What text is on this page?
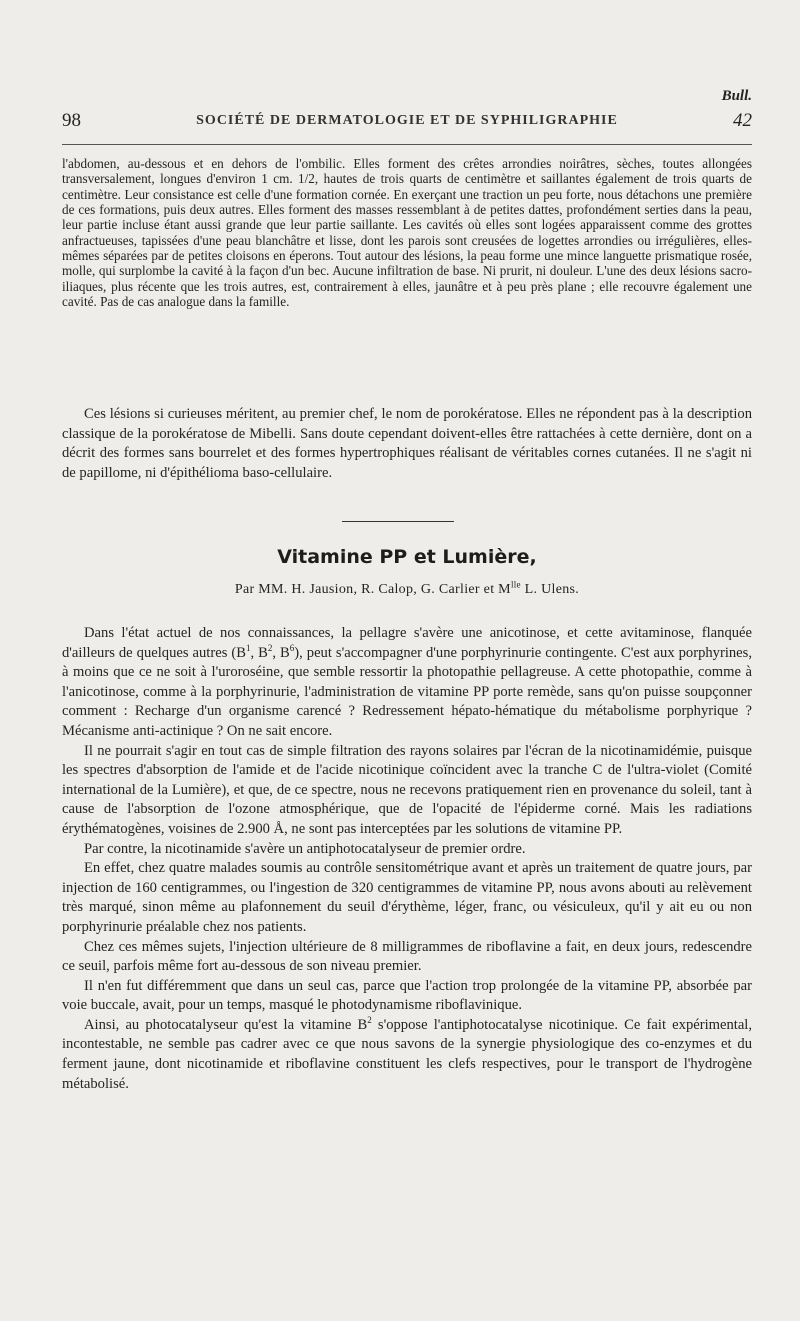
Bull.
98	SOCIÉTÉ DE DERMATOLOGIE ET DE SYPHILIGRAPHIE	42

l'abdomen, au-dessous et en dehors de l'ombilic. Elles forment des crêtes arrondies noirâtres, sèches, toutes allongées transversalement, longues d'environ 1 cm. 1/2, hautes de trois quarts de centimètre et saillantes également de trois quarts de centimètre. Leur consistance est celle d'une formation cornée. En exerçant une traction un peu forte, nous détachons une première de ces formations, puis deux autres. Elles forment des masses ressemblant à de petites dattes, profondément serties dans la peau, leur partie incluse étant aussi grande que leur partie saillante. Les cavités où elles sont logées apparaissent comme des grottes anfractueuses, tapissées d'une peau blanchâtre et lisse, dont les parois sont creusées de logettes arrondies ou irrégulières, elles-mêmes séparées par de petites cloisons en éperons. Tout autour des lésions, la peau forme une mince languette prismatique rosée, molle, qui surplombe la cavité à la façon d'un bec. Aucune infiltration de base. Ni prurit, ni douleur. L'une des deux lésions sacro-iliaques, plus récente que les trois autres, est, contrairement à elles, jaunâtre et à peu près plane ; elle recouvre également une cavité. Pas de cas analogue dans la famille.

Ces lésions si curieuses méritent, au premier chef, le nom de porokératose. Elles ne répondent pas à la description classique de la porokératose de Mibelli. Sans doute cependant doivent-elles être rattachées à cette dernière, dont on a décrit des formes sans bourrelet et des formes hypertrophiques réalisant de véritables cornes cutanées. Il ne s'agit ni de papillome, ni d'épithélioma baso-cellulaire.

Vitamine PP et Lumière,
Par MM. H. Jausion, R. Calop, G. Carlier et $M^{lle}$ L. Ulens.

Dans l'état actuel de nos connaissances, la pellagre s'avère une anicotinose, et cette avitaminose, flanquée d'ailleurs de quelques autres ($B^1$, $B^2$, $B^6$), peut s'accompagner d'une porphyrinurie contingente. C'est aux porphyrines, à moins que ce ne soit à l'uroroséine, que semble ressortir la photopathie pellagreuse. A cette photopathie, comme à l'anicotinose, comme à la porphyrinurie, l'administration de vitamine PP porte remède, sans qu'on puisse soupçonner comment : Recharge d'un organisme carencé ? Redressement hépato-hématique du métabolisme porphyrique ? Mécanisme anti-actinique ? On ne sait encore.

Il ne pourrait s'agir en tout cas de simple filtration des rayons solaires par l'écran de la nicotinamidémie, puisque les spectres d'absorption de l'amide et de l'acide nicotinique coïncident avec la tranche C de l'ultra-violet (Comité international de la Lumière), et que, de ce spectre, nous ne recevons pratiquement rien en provenance du soleil, tant à cause de l'absorption de l'ozone atmosphérique, que de l'opacité de l'épiderme corné. Mais les radiations érythématogènes, voisines de 2.900 Å, ne sont pas interceptées par les solutions de vitamine PP.

Par contre, la nicotinamide s'avère un antiphotocatalyseur de premier ordre.

En effet, chez quatre malades soumis au contrôle sensitométrique avant et après un traitement de quatre jours, par injection de 160 centigrammes, ou l'ingestion de 320 centigrammes de vitamine PP, nous avons abouti au relèvement très marqué, sinon même au plafonnement du seuil d'érythème, léger, franc, ou vésiculeux, qu'il y ait eu ou non porphyrinurie préalable chez nos patients.

Chez ces mêmes sujets, l'injection ultérieure de 8 milligrammes de riboflavine a fait, en deux jours, redescendre ce seuil, parfois même fort au-dessous de son niveau premier.

Il n'en fut différemment que dans un seul cas, parce que l'action trop prolongée de la vitamine PP, absorbée par voie buccale, avait, pour un temps, masqué le photodynamisme riboflavinique.

Ainsi, au photocatalyseur qu'est la vitamine $B^2$ s'oppose l'antiphotocatalyse nicotinique. Ce fait expérimental, incontestable, ne semble pas cadrer avec ce que nous savons de la synergie physiologique des co-enzymes et du ferment jaune, dont nicotinamide et riboflavine constituent les clefs respectives, pour le transport de l'hydrogène métabolisé.
